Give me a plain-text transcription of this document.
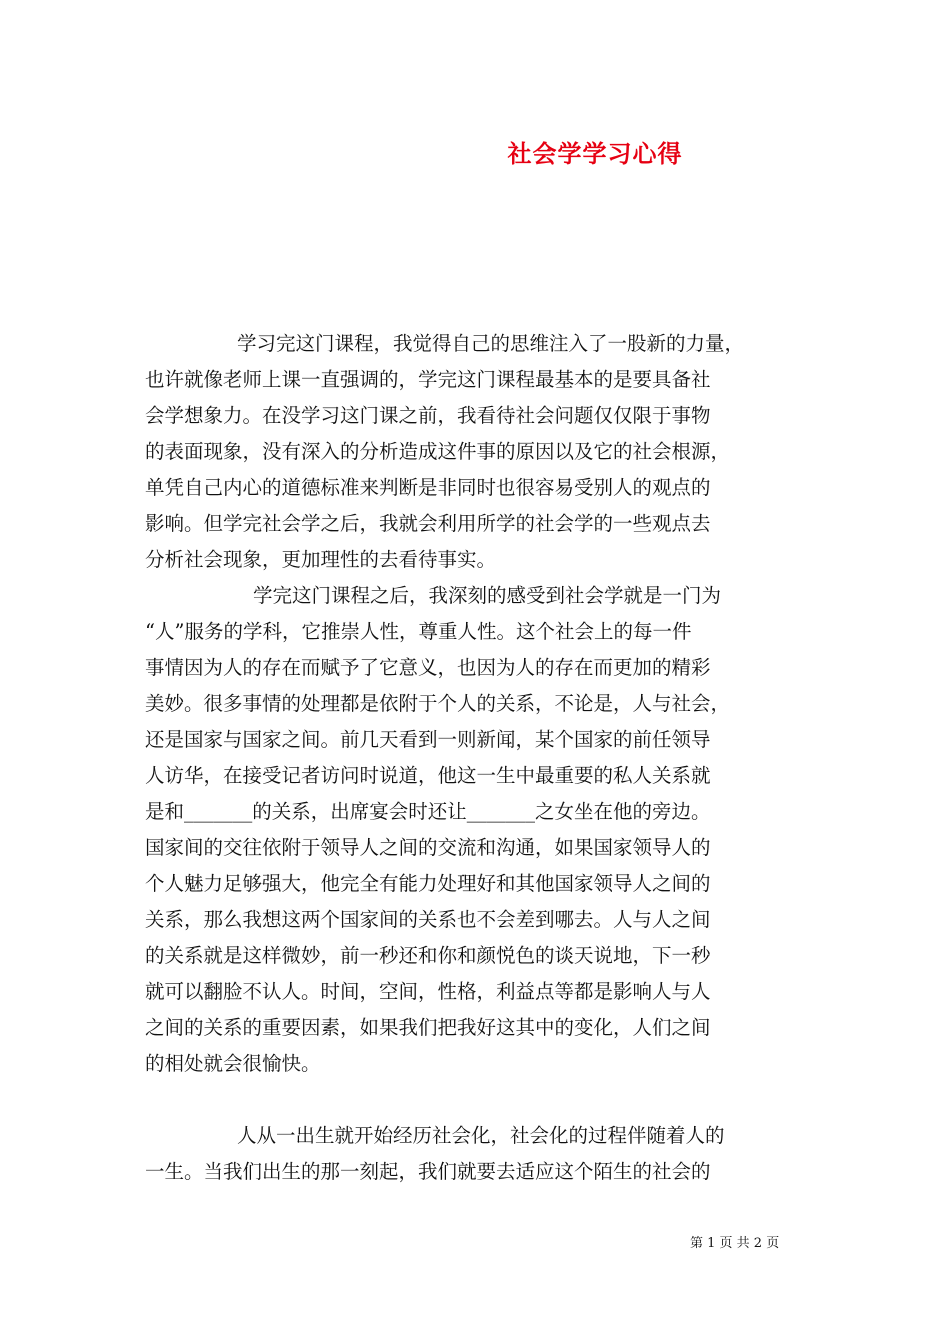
社会学学习心得
学习完这门课程，我觉得自己的思维注入了一股新的力量，
也许就像老师上课一直强调的，学完这门课程最基本的是要具备社
会学想象力。在没学习这门课之前，我看待社会问题仅仅限于事物
的表面现象，没有深入的分析造成这件事的原因以及它的社会根源，
单凭自己内心的道德标准来判断是非同时也很容易受别人的观点的
影响。但学完社会学之后，我就会利用所学的社会学的一些观点去
分析社会现象，更加理性的去看待事实。
学完这门课程之后，我深刻的感受到社会学就是一门为
“人”服务的学科，它推崇人性，尊重人性。这个社会上的每一件
事情因为人的存在而赋予了它意义，也因为人的存在而更加的精彩
美妙。很多事情的处理都是依附于个人的关系，不论是，人与社会，
还是国家与国家之间。前几天看到一则新闻，某个国家的前任领导
人访华，在接受记者访问时说道，他这一生中最重要的私人关系就
是和_______的关系，出席宴会时还让_______之女坐在他的旁边。
国家间的交往依附于领导人之间的交流和沟通，如果国家领导人的
个人魅力足够强大，他完全有能力处理好和其他国家领导人之间的
关系，那么我想这两个国家间的关系也不会差到哪去。人与人之间
的关系就是这样微妙，前一秒还和你和颜悦色的谈天说地，下一秒
就可以翻脸不认人。时间，空间，性格，利益点等都是影响人与人
之间的关系的重要因素，如果我们把我好这其中的变化，人们之间
的相处就会很愉快。
人从一出生就开始经历社会化，社会化的过程伴随着人的
一生。当我们出生的那一刻起，我们就要去适应这个陌生的社会的
第 1 页 共 2 页
